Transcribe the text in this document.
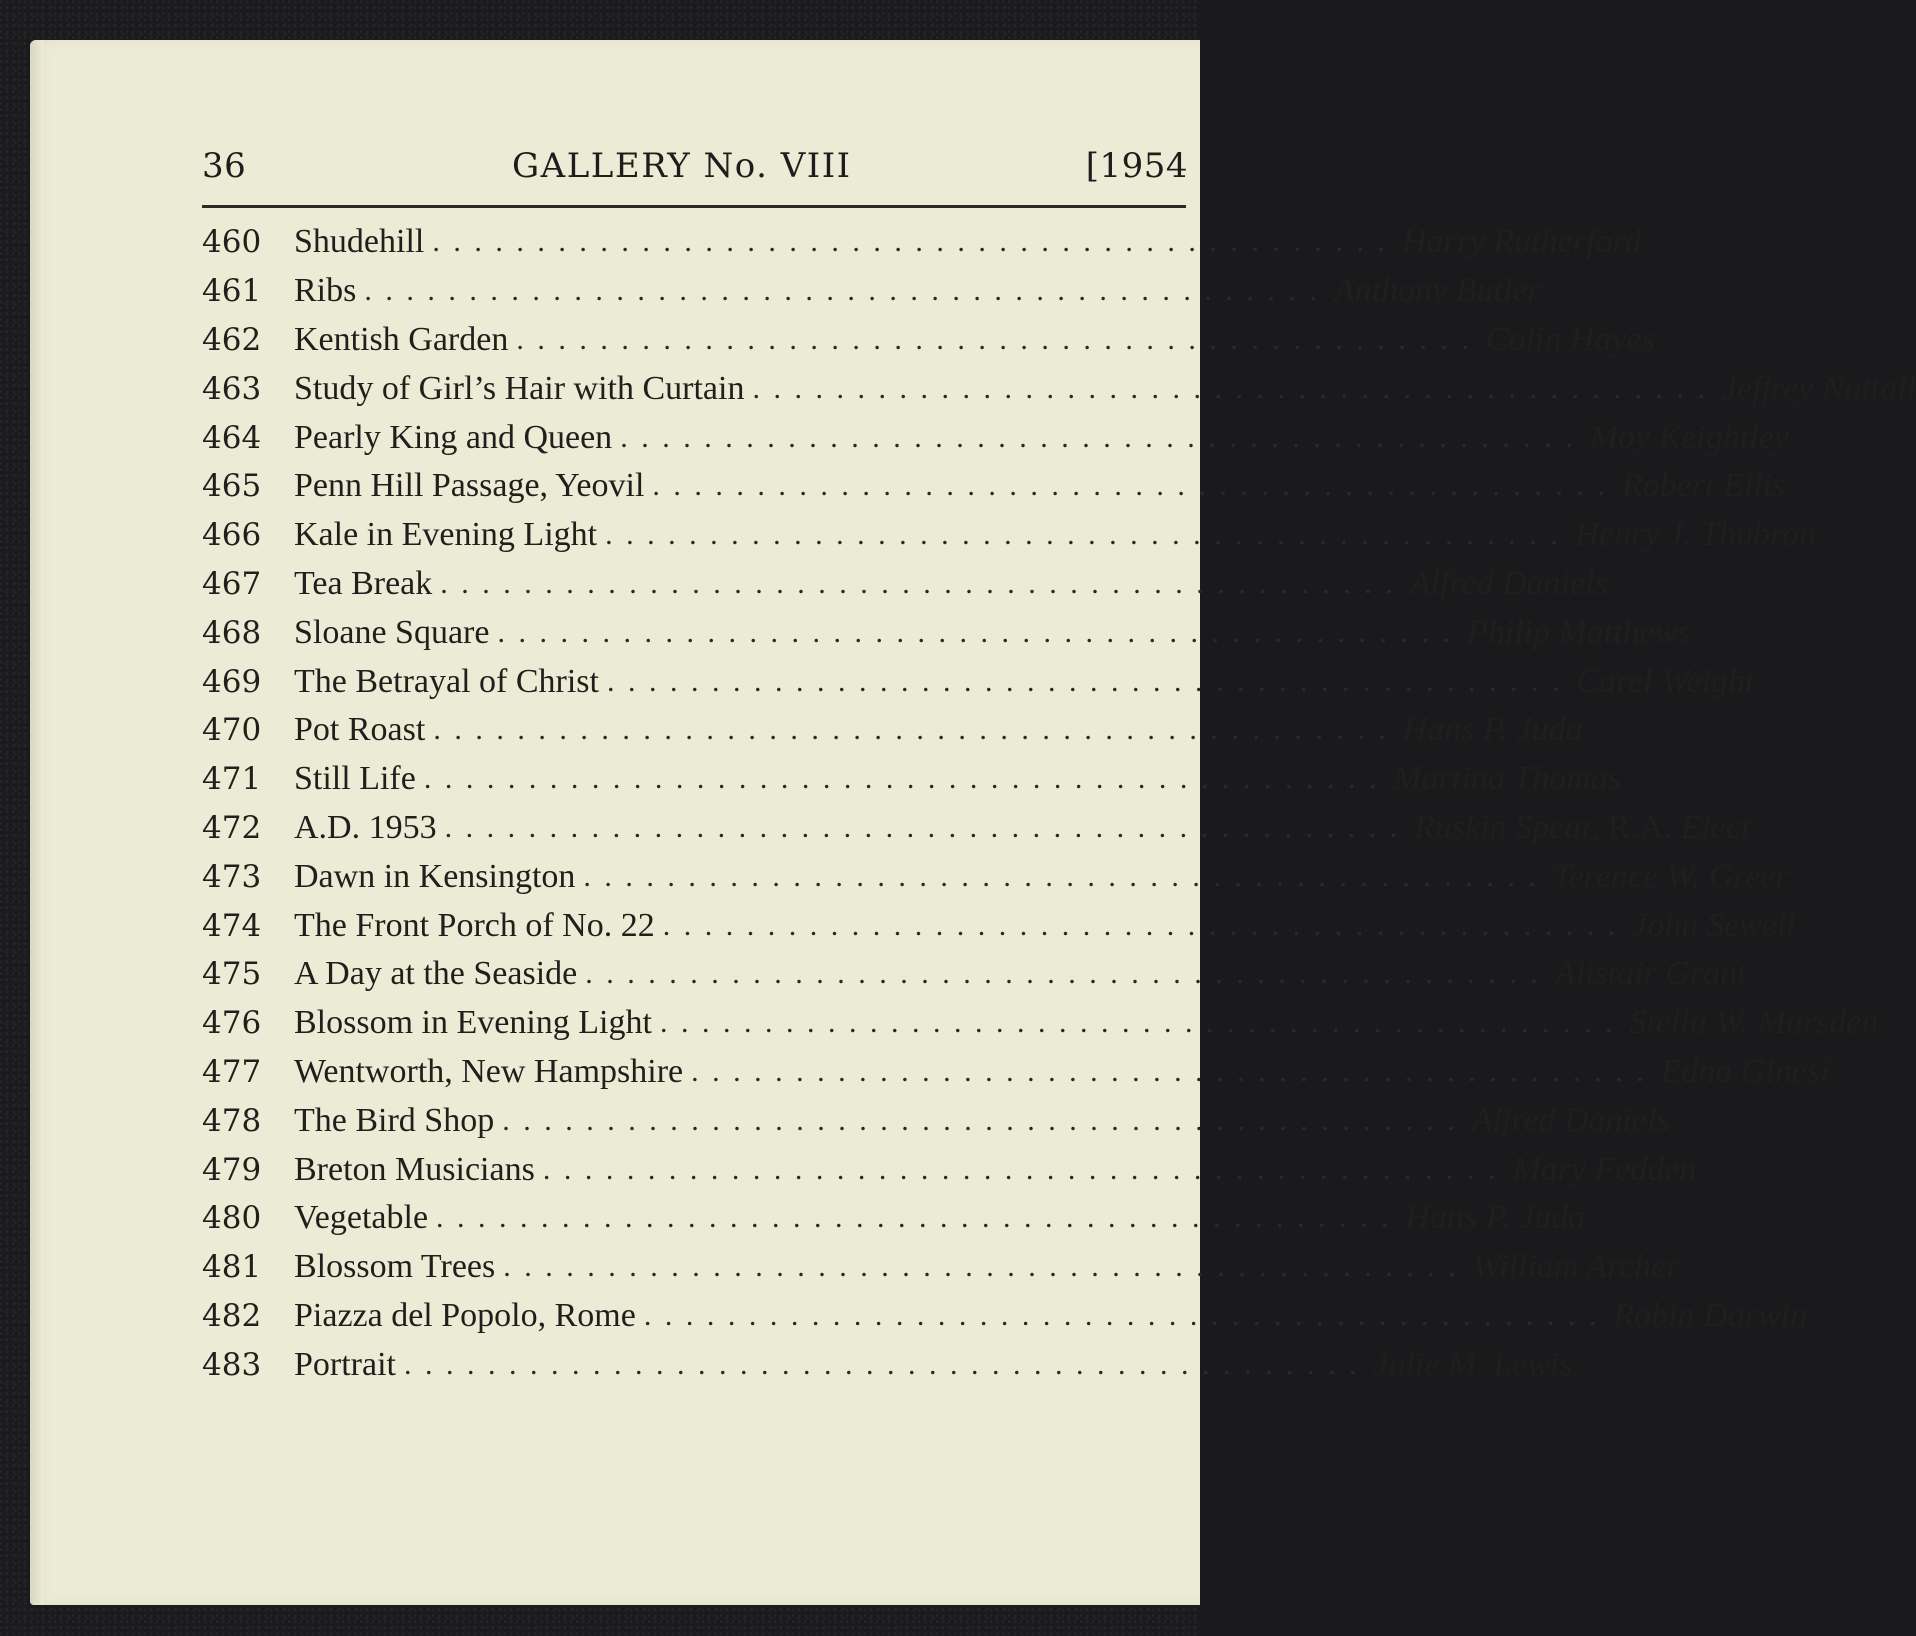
36	GALLERY No. VIII	[1954
460 Shudehill . . . . . . . . . . . . . . . . . . . . . . . . . . . . . . . . . . . . . . . . . . . . . . Harry Rutherford
461 Ribs . . . . . . . . . . . . . . . . . . . . . . . . . . . . . . . . . . . . . . . . . . . . . . Anthony Butler
462 Kentish Garden . . . . . . . . . . . . . . . . . . . . . . . . . . . . . . . . . . . . . . . . . . . . . . Colin Hayes
463 Study of Girl’s Hair with Curtain . . . . . . . . . . . . . . . . . . . . . . . . . . . . . . . . . . . . . . . . . . . . . . Jeffrey Nuttall
464 Pearly King and Queen . . . . . . . . . . . . . . . . . . . . . . . . . . . . . . . . . . . . . . . . . . . . . . Moy Keightley
465 Penn Hill Passage, Yeovil . . . . . . . . . . . . . . . . . . . . . . . . . . . . . . . . . . . . . . . . . . . . . . Robert Ellis
466 Kale in Evening Light . . . . . . . . . . . . . . . . . . . . . . . . . . . . . . . . . . . . . . . . . . . . . . Henry J. Thubron
467 Tea Break . . . . . . . . . . . . . . . . . . . . . . . . . . . . . . . . . . . . . . . . . . . . . . Alfred Daniels
468 Sloane Square . . . . . . . . . . . . . . . . . . . . . . . . . . . . . . . . . . . . . . . . . . . . . . Philip Matthews
469 The Betrayal of Christ . . . . . . . . . . . . . . . . . . . . . . . . . . . . . . . . . . . . . . . . . . . . . . Carel Weight
470 Pot Roast . . . . . . . . . . . . . . . . . . . . . . . . . . . . . . . . . . . . . . . . . . . . . . Hans P. Juda
471 Still Life . . . . . . . . . . . . . . . . . . . . . . . . . . . . . . . . . . . . . . . . . . . . . . Martina Thomas
472 A.D. 1953 . . . . . . . . . . . . . . . . . . . . . . . . . . . . . . . . . . . . . . . . . . . . . . Ruskin Spear, R.A. Elect
473 Dawn in Kensington . . . . . . . . . . . . . . . . . . . . . . . . . . . . . . . . . . . . . . . . . . . . . . Terence W. Greer
474 The Front Porch of No. 22 . . . . . . . . . . . . . . . . . . . . . . . . . . . . . . . . . . . . . . . . . . . . . . John Sewell
475 A Day at the Seaside . . . . . . . . . . . . . . . . . . . . . . . . . . . . . . . . . . . . . . . . . . . . . . Alistair Grant
476 Blossom in Evening Light . . . . . . . . . . . . . . . . . . . . . . . . . . . . . . . . . . . . . . . . . . . . . . Stella W. Marsden
477 Wentworth, New Hampshire . . . . . . . . . . . . . . . . . . . . . . . . . . . . . . . . . . . . . . . . . . . . . . Edna Ginesi
478 The Bird Shop . . . . . . . . . . . . . . . . . . . . . . . . . . . . . . . . . . . . . . . . . . . . . . Alfred Daniels
479 Breton Musicians . . . . . . . . . . . . . . . . . . . . . . . . . . . . . . . . . . . . . . . . . . . . . . Mary Fedden
480 Vegetable . . . . . . . . . . . . . . . . . . . . . . . . . . . . . . . . . . . . . . . . . . . . . . Hans P. Juda
481 Blossom Trees . . . . . . . . . . . . . . . . . . . . . . . . . . . . . . . . . . . . . . . . . . . . . . William Archer
482 Piazza del Popolo, Rome . . . . . . . . . . . . . . . . . . . . . . . . . . . . . . . . . . . . . . . . . . . . . . Robin Darwin
483 Portrait . . . . . . . . . . . . . . . . . . . . . . . . . . . . . . . . . . . . . . . . . . . . . . Julie M. Lewis
